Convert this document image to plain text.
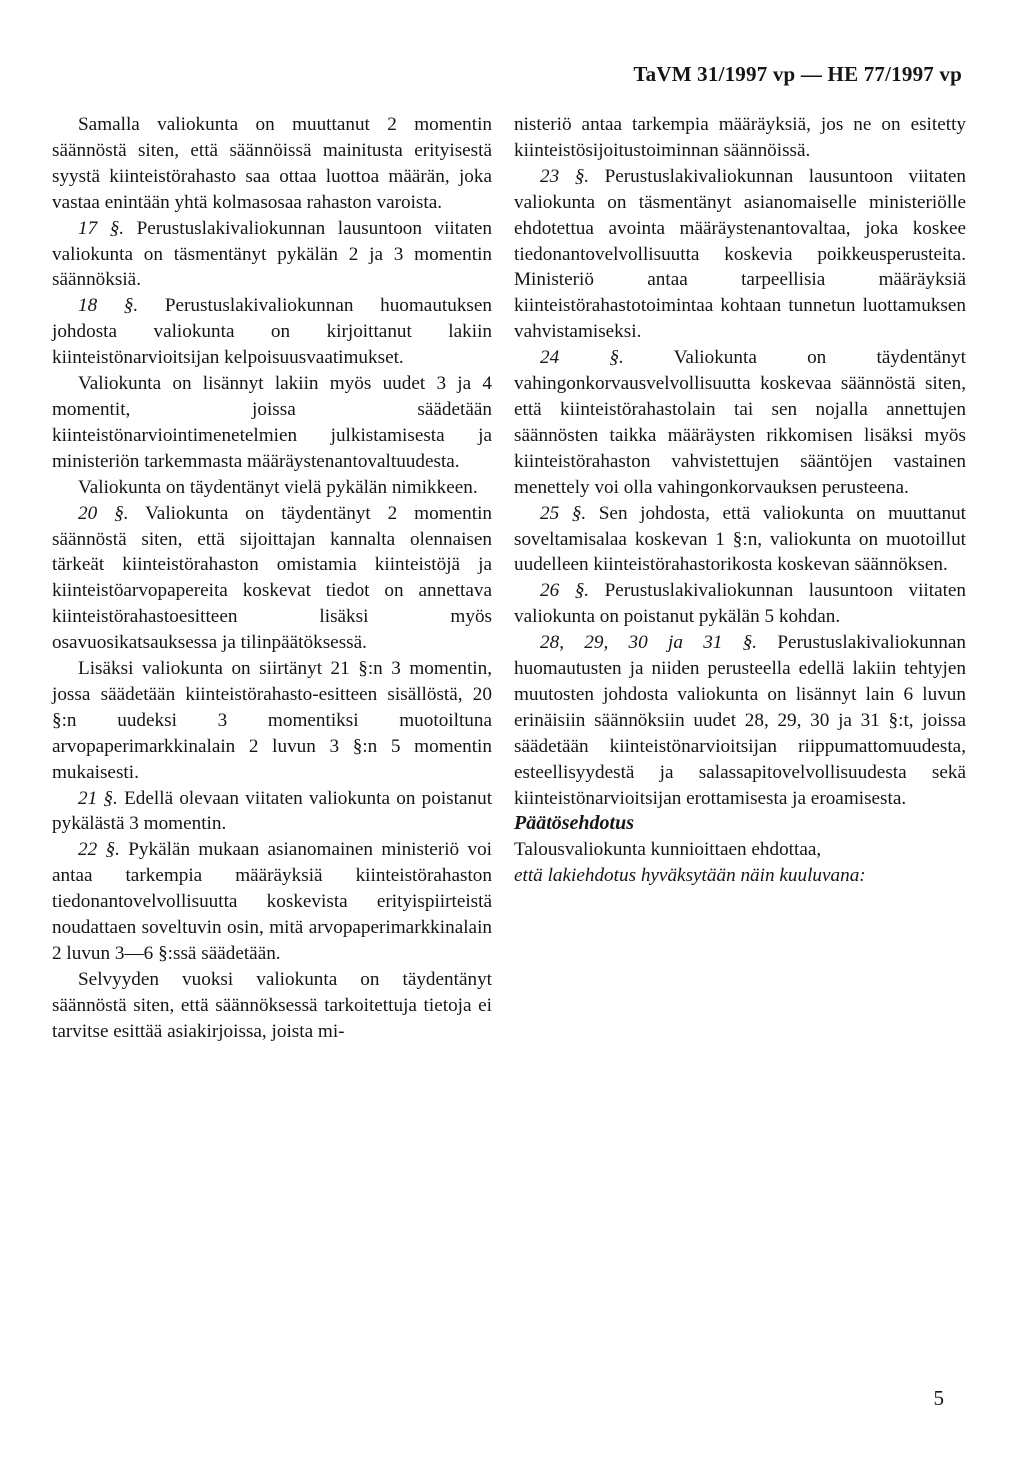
TaVM 31/1997 vp — HE 77/1997 vp

Samalla valiokunta on muuttanut 2 momentin säännöstä siten, että säännöissä mainitusta erityisestä syystä kiinteistörahasto saa ottaa luottoa määrän, joka vastaa enintään yhtä kolmasosaa rahaston varoista.

17 §. Perustuslakivaliokunnan lausuntoon viitaten valiokunta on täsmentänyt pykälän 2 ja 3 momentin säännöksiä.

18 §. Perustuslakivaliokunnan huomautuksen johdosta valiokunta on kirjoittanut lakiin kiinteistönarvioitsijan kelpoisuusvaatimukset.

Valiokunta on lisännyt lakiin myös uudet 3 ja 4 momentit, joissa säädetään kiinteistönarviointimenetelmien julkistamisesta ja ministeriön tarkemmasta määräystenantovaltuudesta.

Valiokunta on täydentänyt vielä pykälän nimikkeen.

20 §. Valiokunta on täydentänyt 2 momentin säännöstä siten, että sijoittajan kannalta olennaisen tärkeät kiinteistörahaston omistamia kiinteistöjä ja kiinteistöarvopapereita koskevat tiedot on annettava kiinteistörahastoesitteen lisäksi myös osavuosikatsauksessa ja tilinpäätöksessä.

Lisäksi valiokunta on siirtänyt 21 §:n 3 momentin, jossa säädetään kiinteistörahasto-esitteen sisällöstä, 20 §:n uudeksi 3 momentiksi muotoiltuna arvopaperimarkkinalain 2 luvun 3 §:n 5 momentin mukaisesti.

21 §. Edellä olevaan viitaten valiokunta on poistanut pykälästä 3 momentin.

22 §. Pykälän mukaan asianomainen ministeriö voi antaa tarkempia määräyksiä kiinteistörahaston tiedonantovelvollisuutta koskevista erityispiirteistä noudattaen soveltuvin osin, mitä arvopaperimarkkinalain 2 luvun 3—6 §:ssä säädetään.

Selvyyden vuoksi valiokunta on täydentänyt säännöstä siten, että säännöksessä tarkoitettuja tietoja ei tarvitse esittää asiakirjoissa, joista mi-

nisteriö antaa tarkempia määräyksiä, jos ne on esitetty kiinteistösijoitustoiminnan säännöissä.

23 §. Perustuslakivaliokunnan lausuntoon viitaten valiokunta on täsmentänyt asianomaiselle ministeriölle ehdotettua avointa määräystenantovaltaa, joka koskee tiedonantovelvollisuutta koskevia poikkeusperusteita. Ministeriö antaa tarpeellisia määräyksiä kiinteistörahastotoimintaa kohtaan tunnetun luottamuksen vahvistamiseksi.

24 §.	Valiokunta on täydentänyt vahingonkorvausvelvollisuutta koskevaa säännöstä siten, että kiinteistörahastolain tai sen nojalla annettujen säännösten taikka määräysten rikkomisen lisäksi myös kiinteistörahaston vahvistettujen sääntöjen vastainen menettely voi olla vahingonkorvauksen perusteena.

25 §. Sen johdosta, että valiokunta on muuttanut soveltamisalaa koskevan 1 §:n, valiokunta on muotoillut uudelleen kiinteistörahastorikosta koskevan säännöksen.

26 §. Perustuslakivaliokunnan lausuntoon viitaten valiokunta on poistanut pykälän 5 kohdan.

28, 29, 30 ja 31 §. Perustuslakivaliokunnan huomautusten ja niiden perusteella edellä lakiin tehtyjen muutosten johdosta valiokunta on lisännyt lain 6 luvun erinäisiin säännöksiin uudet 28, 29, 30 ja 31 §:t, joissa säädetään kiinteistönarvioitsijan riippumattomuudesta, esteellisyydestä ja salassapitovelvollisuudesta sekä kiinteistönarvioitsijan erottamisesta ja eroamisesta.

Päätösehdotus

Talousvaliokunta kunnioittaen ehdottaa,

että lakiehdotus hyväksytään näin kuuluvana:

5
